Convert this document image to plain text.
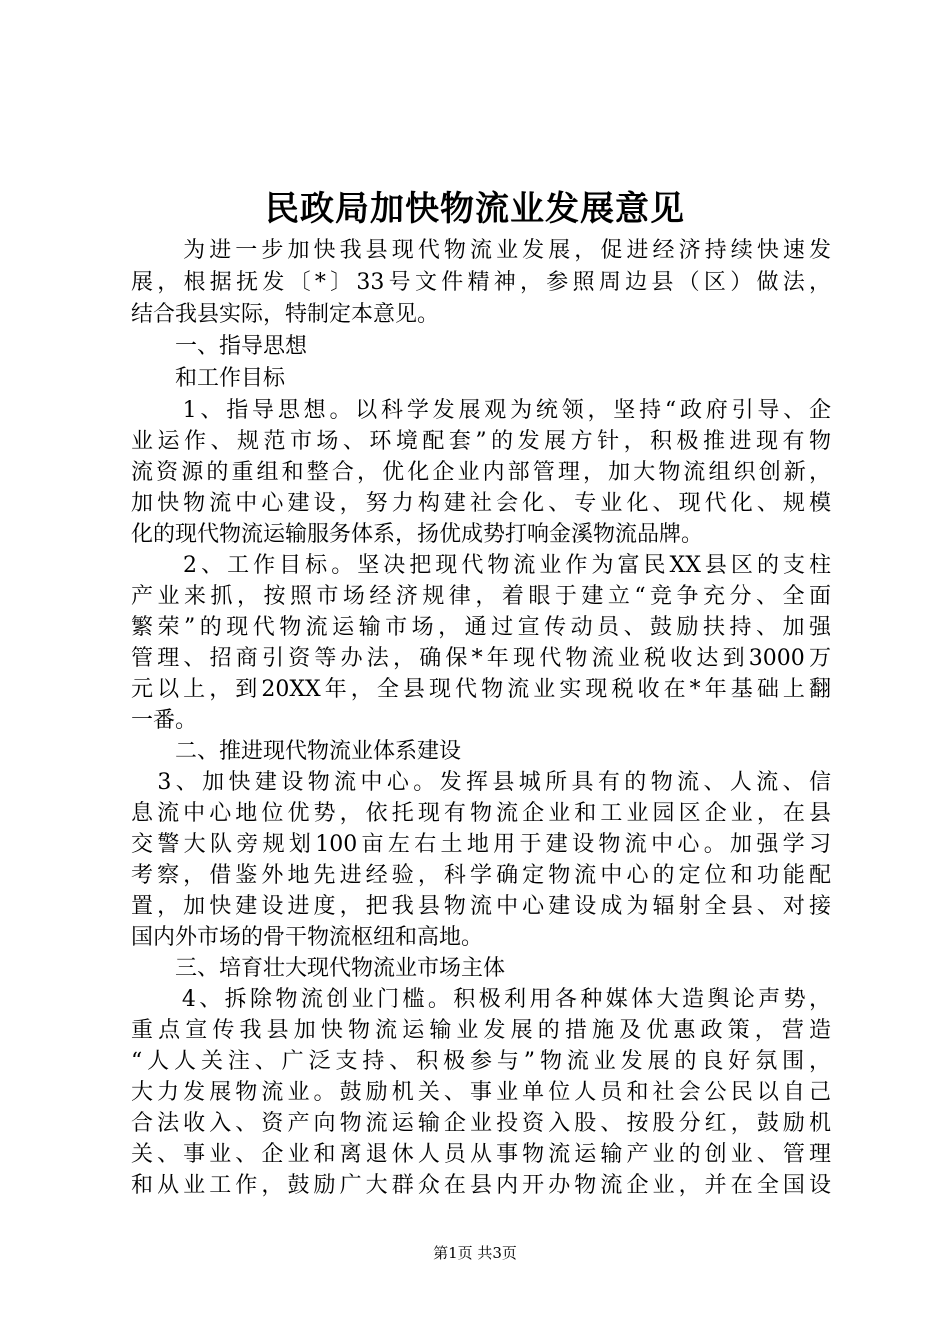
民政局加快物流业发展意见
　　为进一步加快我县现代物流业发展，促进经济持续快速发
展，根据抚发〔*〕33号文件精神，参照周边县（区）做法，
结合我县实际，特制定本意见。
　　一、指导思想
　　和工作目标
　　1、指导思想。以科学发展观为统领，坚持“政府引导、企
业运作、规范市场、环境配套”的发展方针，积极推进现有物
流资源的重组和整合，优化企业内部管理，加大物流组织创新，
加快物流中心建设，努力构建社会化、专业化、现代化、规模
化的现代物流运输服务体系，扬优成势打响金溪物流品牌。
　　2、工作目标。坚决把现代物流业作为富民XX县区的支柱
产业来抓，按照市场经济规律，着眼于建立“竞争充分、全面
繁荣”的现代物流运输市场，通过宣传动员、鼓励扶持、加强
管理、招商引资等办法，确保*年现代物流业税收达到3000万
元以上，到20XX年，全县现代物流业实现税收在*年基础上翻
一番。
　　二、推进现代物流业体系建设
　3、加快建设物流中心。发挥县城所具有的物流、人流、信
息流中心地位优势，依托现有物流企业和工业园区企业，在县
交警大队旁规划100亩左右土地用于建设物流中心。加强学习
考察，借鉴外地先进经验，科学确定物流中心的定位和功能配
置，加快建设进度，把我县物流中心建设成为辐射全县、对接
国内外市场的骨干物流枢纽和高地。
　　三、培育壮大现代物流业市场主体
　　4、拆除物流创业门槛。积极利用各种媒体大造舆论声势，
重点宣传我县加快物流运输业发展的措施及优惠政策，营造
“人人关注、广泛支持、积极参与”物流业发展的良好氛围，
大力发展物流业。鼓励机关、事业单位人员和社会公民以自己
合法收入、资产向物流运输企业投资入股、按股分红，鼓励机
关、事业、企业和离退休人员从事物流运输产业的创业、管理
和从业工作，鼓励广大群众在县内开办物流企业，并在全国设
第1页 共3页
